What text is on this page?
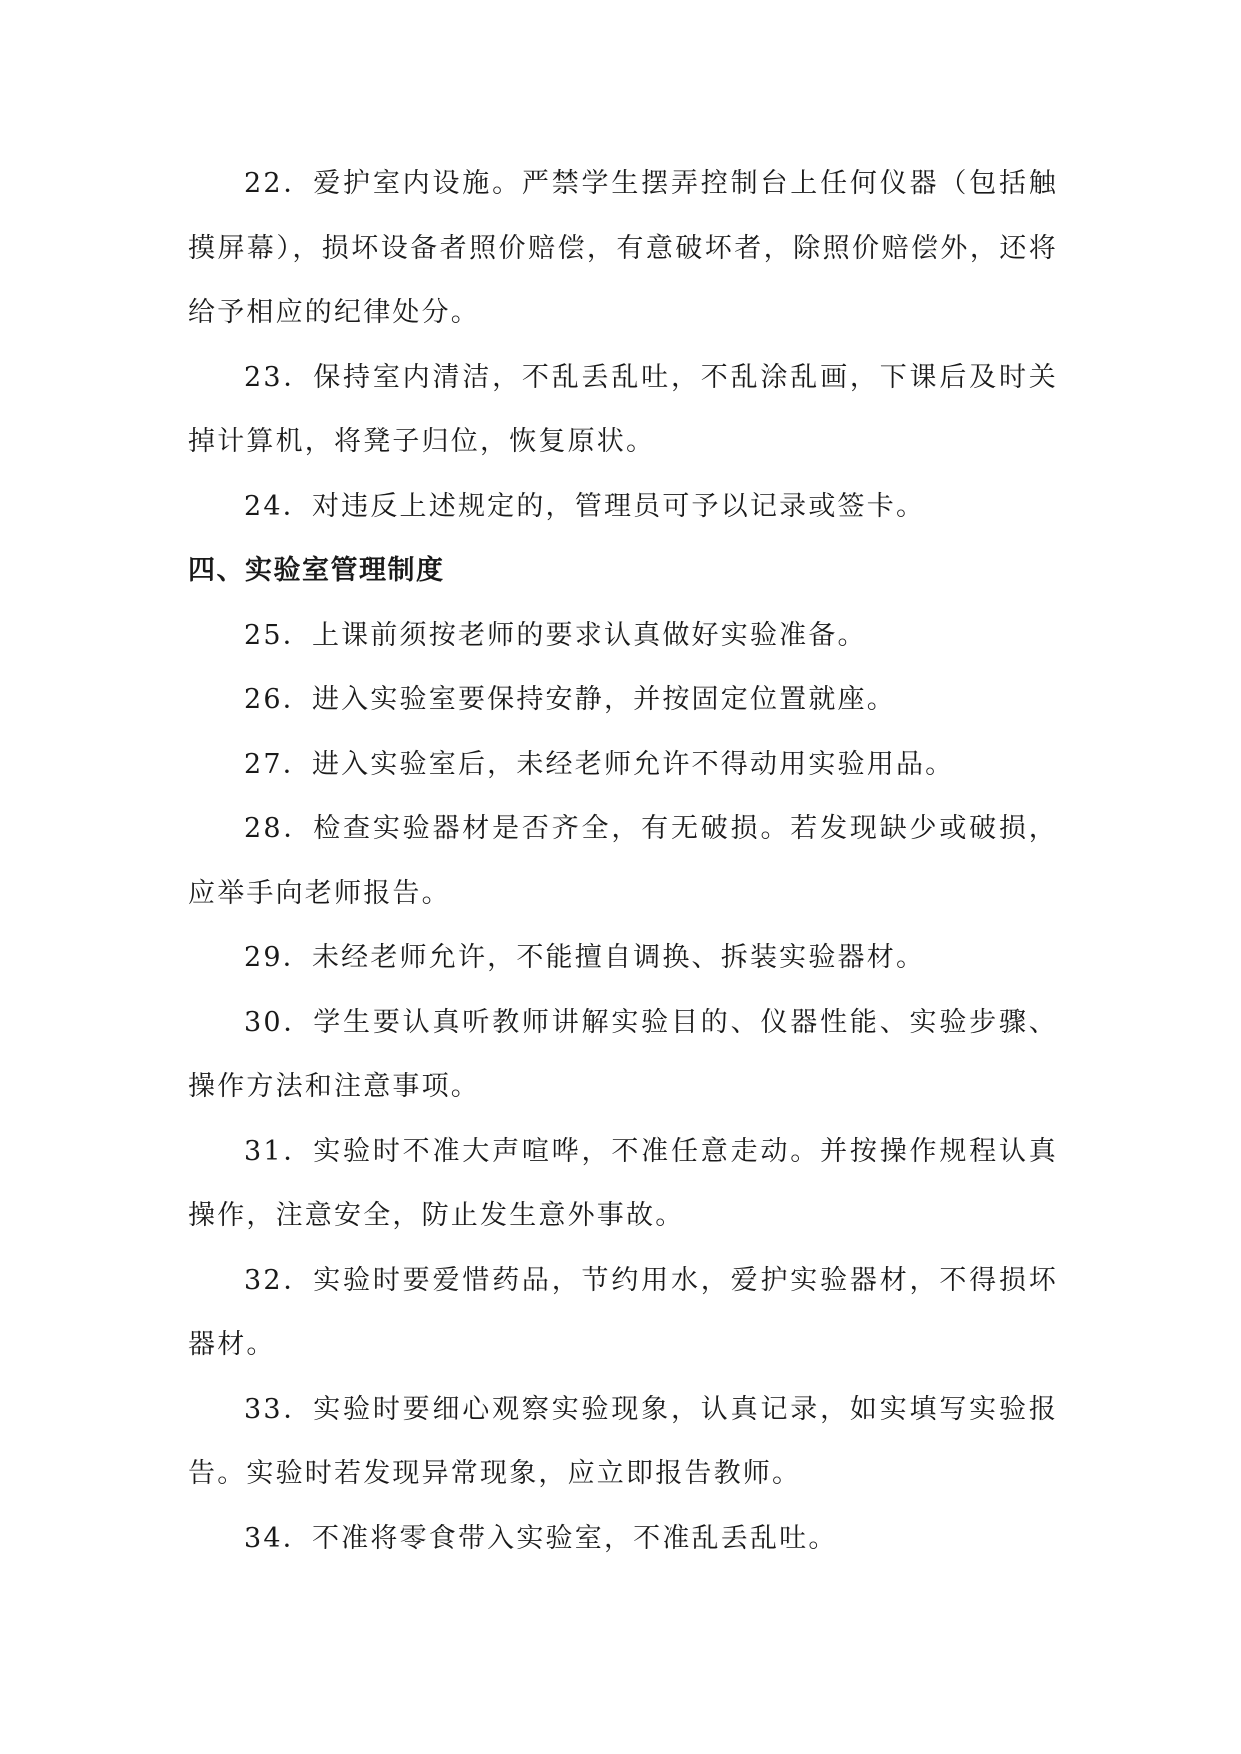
22．爱护室内设施。严禁学生摆弄控制台上任何仪器（包括触摸屏幕），损坏设备者照价赔偿，有意破坏者，除照价赔偿外，还将给予相应的纪律处分。

23．保持室内清洁，不乱丢乱吐，不乱涂乱画，下课后及时关掉计算机，将凳子归位，恢复原状。

24．对违反上述规定的，管理员可予以记录或签卡。

四、实验室管理制度

25．上课前须按老师的要求认真做好实验准备。

26．进入实验室要保持安静，并按固定位置就座。

27．进入实验室后，未经老师允许不得动用实验用品。

28．检查实验器材是否齐全，有无破损。若发现缺少或破损，应举手向老师报告。

29．未经老师允许，不能擅自调换、拆装实验器材。

30．学生要认真听教师讲解实验目的、仪器性能、实验步骤、操作方法和注意事项。

31．实验时不准大声喧哗，不准任意走动。并按操作规程认真操作，注意安全，防止发生意外事故。

32．实验时要爱惜药品，节约用水，爱护实验器材，不得损坏器材。

33．实验时要细心观察实验现象，认真记录，如实填写实验报告。实验时若发现异常现象，应立即报告教师。

34．不准将零食带入实验室，不准乱丢乱吐。
